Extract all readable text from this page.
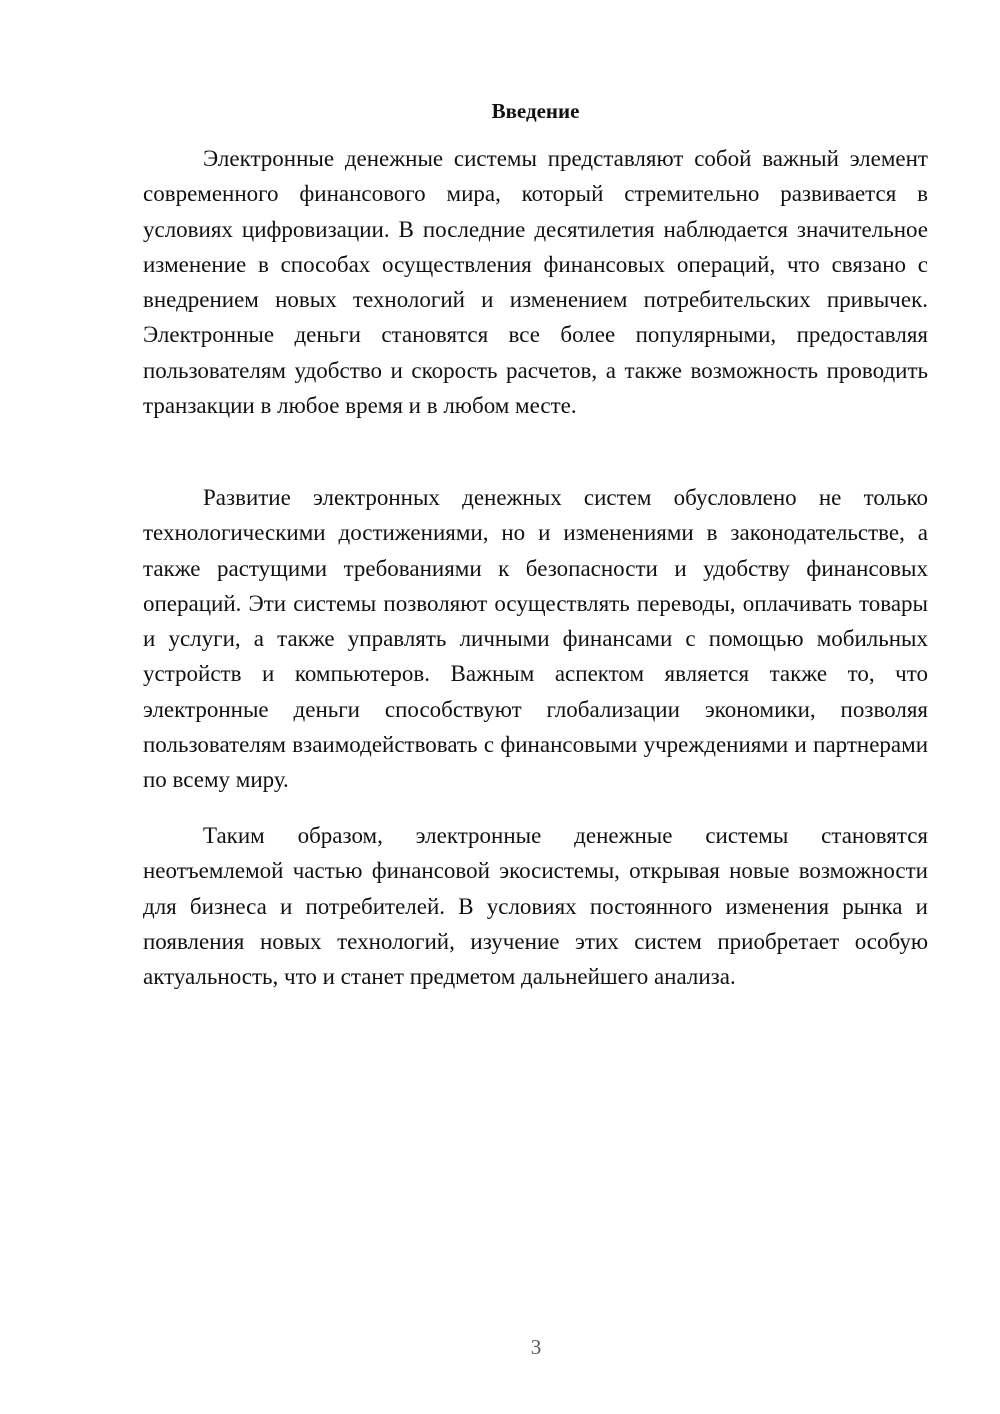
Введение

Электронные денежные системы представляют собой важный элемент современного финансового мира, который стремительно развивается в условиях цифровизации. В последние десятилетия наблюдается значительное изменение в способах осуществления финансовых операций, что связано с внедрением новых технологий и изменением потребительских привычек. Электронные деньги становятся все более популярными, предоставляя пользователям удобство и скорость расчетов, а также возможность проводить транзакции в любое время и в любом месте.

Развитие электронных денежных систем обусловлено не только технологическими достижениями, но и изменениями в законодательстве, а также растущими требованиями к безопасности и удобству финансовых операций. Эти системы позволяют осуществлять переводы, оплачивать товары и услуги, а также управлять личными финансами с помощью мобильных устройств и компьютеров. Важным аспектом является также то, что электронные деньги способствуют глобализации экономики, позволяя пользователям взаимодействовать с финансовыми учреждениями и партнерами по всему миру.

Таким образом, электронные денежные системы становятся неотъемлемой частью финансовой экосистемы, открывая новые возможности для бизнеса и потребителей. В условиях постоянного изменения рынка и появления новых технологий, изучение этих систем приобретает особую актуальность, что и станет предметом дальнейшего анализа.

3
